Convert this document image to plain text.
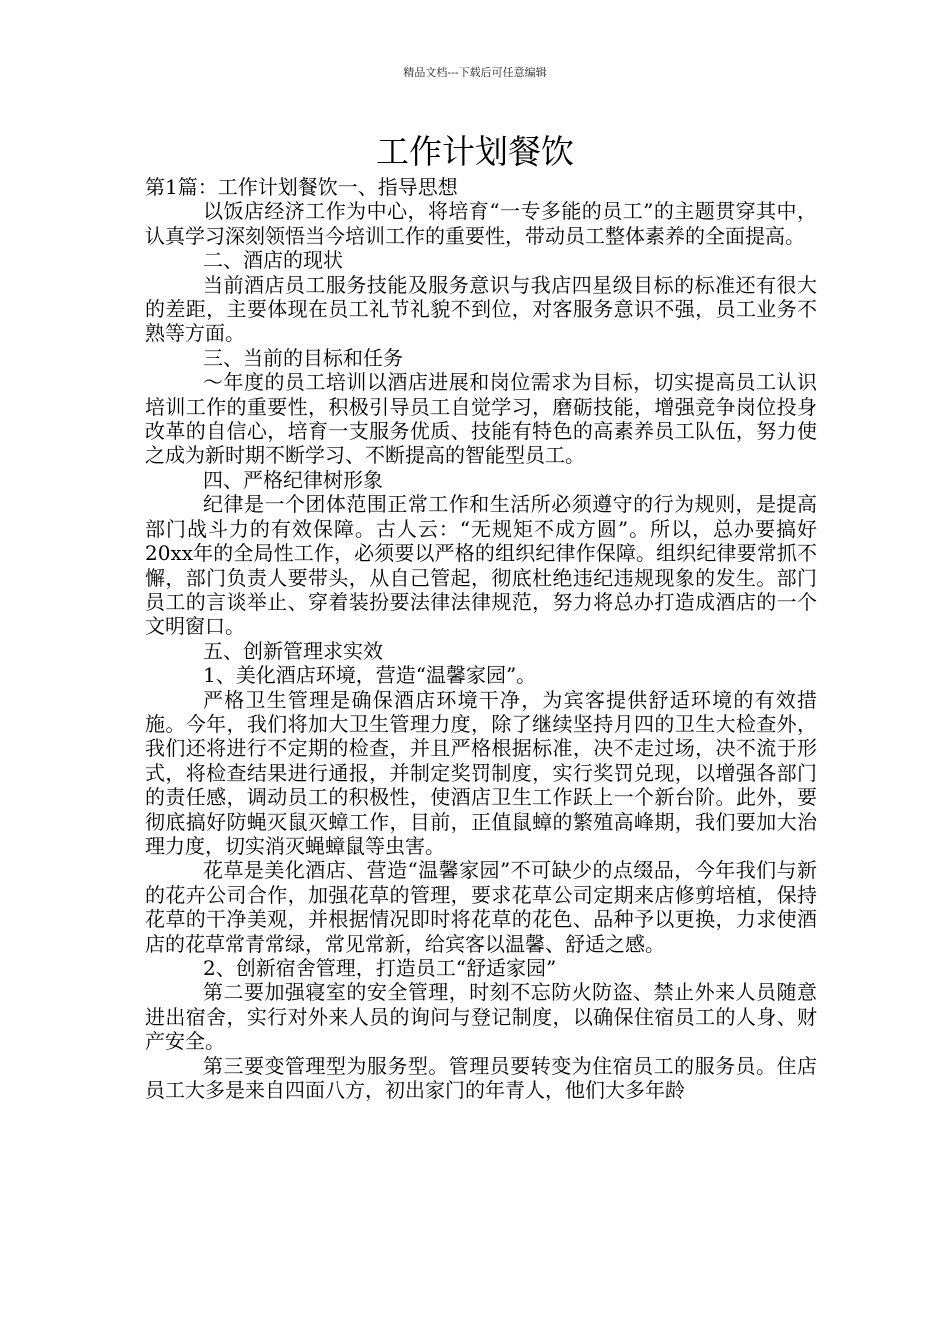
精品文档---下载后可任意编辑
工作计划餐饮

第1篇：工作计划餐饮一、指导思想

以饭店经济工作为中心，将培育“一专多能的员工”的主题贯穿其中，认真学习深刻领悟当今培训工作的重要性，带动员工整体素养的全面提高。

二、酒店的现状

当前酒店员工服务技能及服务意识与我店四星级目标的标准还有很大的差距，主要体现在员工礼节礼貌不到位，对客服务意识不强，员工业务不熟等方面。

三、当前的目标和任务

～年度的员工培训以酒店进展和岗位需求为目标，切实提高员工认识培训工作的重要性，积极引导员工自觉学习，磨砺技能，增强竞争岗位投身改革的自信心，培育一支服务优质、技能有特色的高素养员工队伍，努力使之成为新时期不断学习、不断提高的智能型员工。

四、严格纪律树形象

纪律是一个团体范围正常工作和生活所必须遵守的行为规则，是提高部门战斗力的有效保障。古人云：“无规矩不成方圆”。所以，总办要搞好20xx年的全局性工作，必须要以严格的组织纪律作保障。组织纪律要常抓不懈，部门负责人要带头，从自己管起，彻底杜绝违纪违规现象的发生。部门员工的言谈举止、穿着装扮要法律法律规范，努力将总办打造成酒店的一个文明窗口。

五、创新管理求实效

1、美化酒店环境，营造“温馨家园”。

严格卫生管理是确保酒店环境干净，为宾客提供舒适环境的有效措施。今年，我们将加大卫生管理力度，除了继续坚持月四的卫生大检查外，我们还将进行不定期的检查，并且严格根据标准，决不走过场，决不流于形式，将检查结果进行通报，并制定奖罚制度，实行奖罚兑现，以增强各部门的责任感，调动员工的积极性，使酒店卫生工作跃上一个新台阶。此外，要彻底搞好防蝇灭鼠灭蟑工作，目前，正值鼠蟑的繁殖高峰期，我们要加大治理力度，切实消灭蝇蟑鼠等虫害。

花草是美化酒店、营造“温馨家园”不可缺少的点缀品，今年我们与新的花卉公司合作，加强花草的管理，要求花草公司定期来店修剪培植，保持花草的干净美观，并根据情况即时将花草的花色、品种予以更换，力求使酒店的花草常青常绿，常见常新，给宾客以温馨、舒适之感。

2、创新宿舍管理，打造员工“舒适家园”

第二要加强寝室的安全管理，时刻不忘防火防盗、禁止外来人员随意进出宿舍，实行对外来人员的询问与登记制度，以确保住宿员工的人身、财产安全。

第三要变管理型为服务型。管理员要转变为住宿员工的服务员。住店员工大多是来自四面八方，初出家门的年青人，他们大多年龄
